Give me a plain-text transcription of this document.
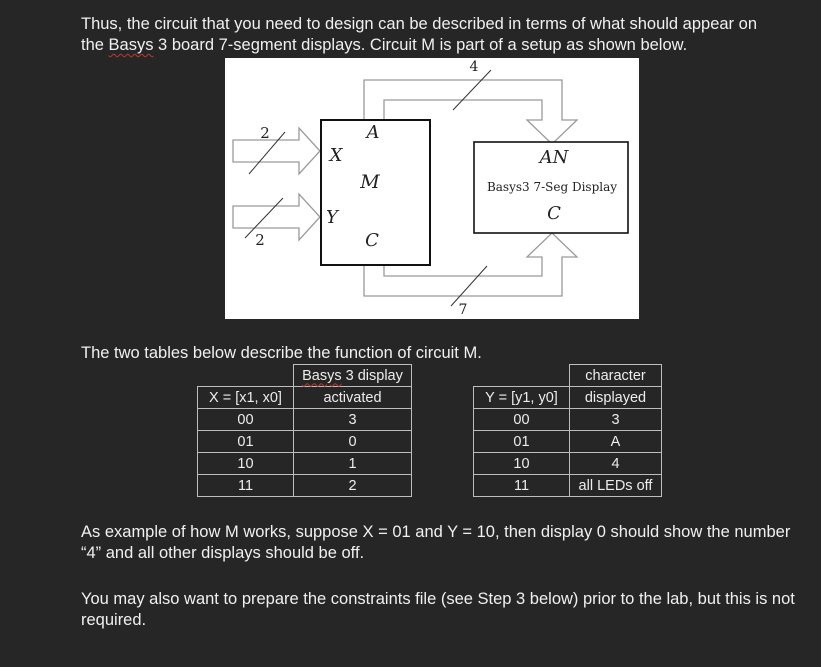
Thus, the circuit that you need to design can be described in terms of what should appear on the Basys 3 board 7-segment displays. Circuit M is part of a setup as shown below.

4
7
2
2
X
Y
A
M
C
AN
Basys3 7-Seg Display
C

The two tables below describe the function of circuit M.

	Basys 3 display
X = [x1, x0]	activated
00	3
01	0
10	1
11	2
	character
Y = [y1, y0]	displayed
00	3
01	A
10	4
11	all LEDs off

As example of how M works, suppose X = 01 and Y = 10, then display 0 should show the number “4” and all other displays should be off.

You may also want to prepare the constraints file (see Step 3 below) prior to the lab, but this is not required.
